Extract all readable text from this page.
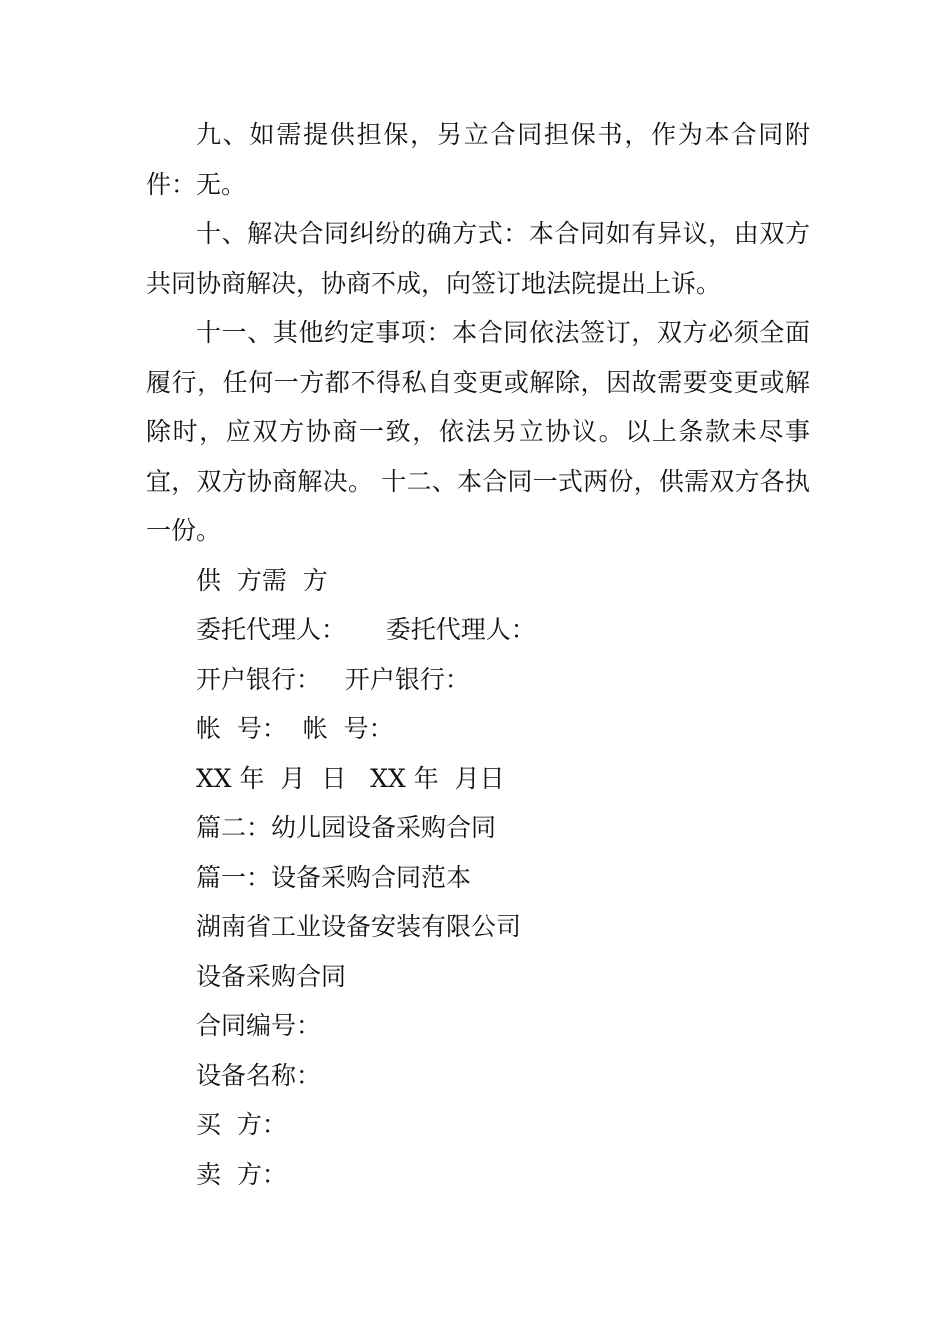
九、如需提供担保，另立合同担保书，作为本合同附件：无。

十、解决合同纠纷的确方式：本合同如有异议，由双方共同协商解决，协商不成，向签订地法院提出上诉。

十一、其他约定事项：本合同依法签订，双方必须全面履行，任何一方都不得私自变更或解除，因故需要变更或解除时，应双方协商一致，依法另立协议。以上条款未尽事宜，双方协商解决。 十二、本合同一式两份，供需双方各执一份。

供  方需  方

委托代理人：     委托代理人：

开户银行：   开户银行：

帐  号：  帐  号：

XX 年  月  日   XX 年  月日

篇二：幼儿园设备采购合同

篇一：设备采购合同范本

湖南省工业设备安装有限公司

设备采购合同

合同编号：

设备名称：

买  方：

卖  方：
